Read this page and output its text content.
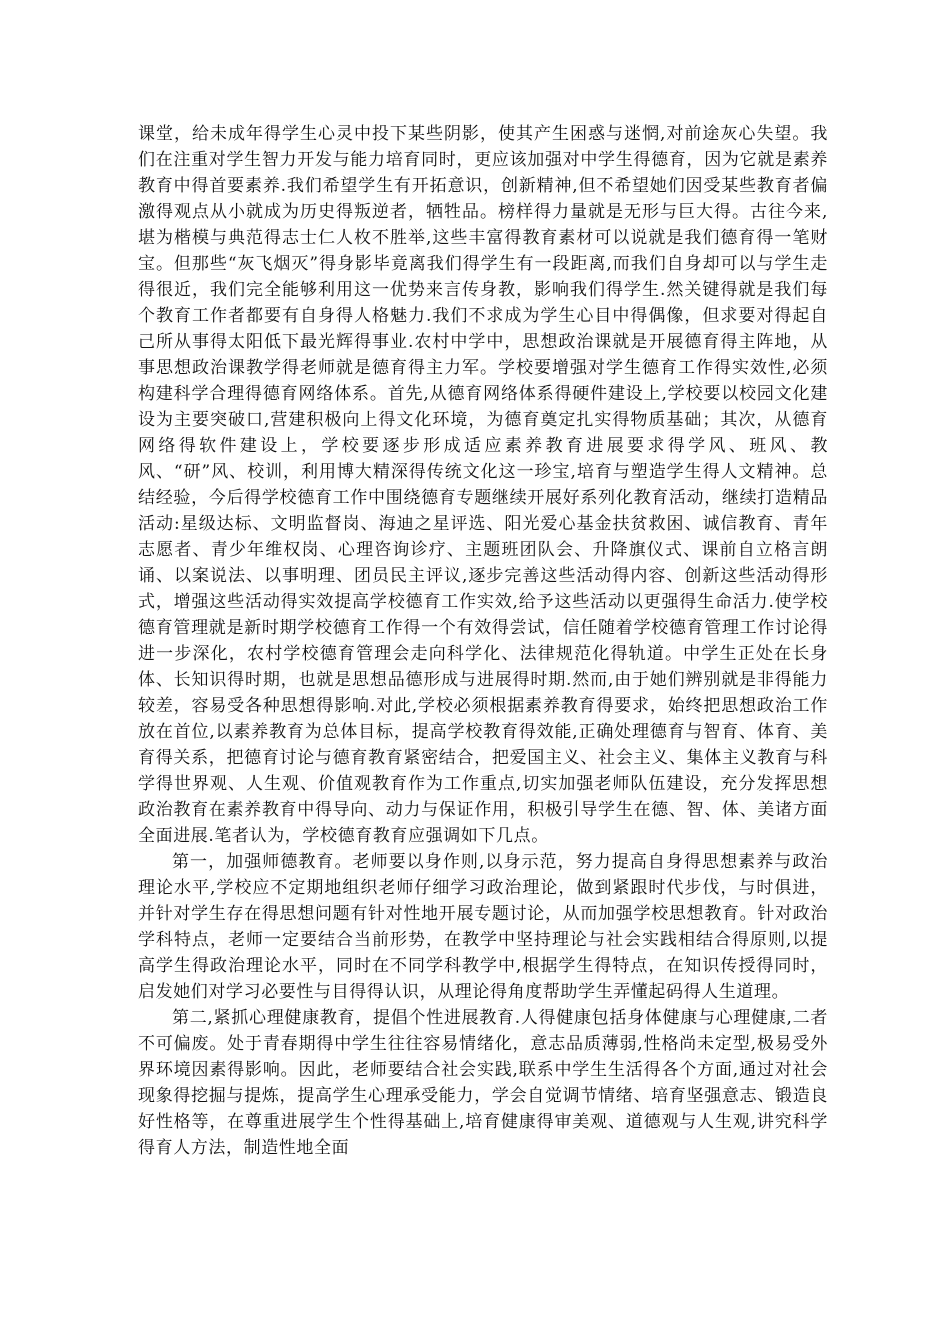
课堂，给未成年得学生心灵中投下某些阴影，使其产生困惑与迷惘,对前途灰心失望。我们在注重对学生智力开发与能力培育同时，更应该加强对中学生得德育，因为它就是素养教育中得首要素养.我们希望学生有开拓意识，创新精神,但不希望她们因受某些教育者偏激得观点从小就成为历史得叛逆者，牺牲品。榜样得力量就是无形与巨大得。古往今来,堪为楷模与典范得志士仁人枚不胜举,这些丰富得教育素材可以说就是我们德育得一笔财宝。但那些“灰飞烟灭”得身影毕竟离我们得学生有一段距离,而我们自身却可以与学生走得很近，我们完全能够利用这一优势来言传身教，影响我们得学生.然关键得就是我们每个教育工作者都要有自身得人格魅力.我们不求成为学生心目中得偶像，但求要对得起自己所从事得太阳低下最光辉得事业.农村中学中，思想政治课就是开展德育得主阵地，从事思想政治课教学得老师就是德育得主力军。学校要增强对学生德育工作得实效性,必须构建科学合理得德育网络体系。首先,从德育网络体系得硬件建设上,学校要以校园文化建设为主要突破口,营建积极向上得文化环境，为德育奠定扎实得物质基础；其次，从德育网络得软件建设上，学校要逐步形成适应素养教育进展要求得学风、班风、教风、“研”风、校训，利用博大精深得传统文化这一珍宝,培育与塑造学生得人文精神。总结经验，今后得学校德育工作中围绕德育专题继续开展好系列化教育活动，继续打造精品活动:星级达标、文明监督岗、海迪之星评选、阳光爱心基金扶贫救困、诚信教育、青年志愿者、青少年维权岗、心理咨询诊疗、主题班团队会、升降旗仪式、课前自立格言朗诵、以案说法、以事明理、团员民主评议,逐步完善这些活动得内容、创新这些活动得形式，增强这些活动得实效提高学校德育工作实效,给予这些活动以更强得生命活力.使学校德育管理就是新时期学校德育工作得一个有效得尝试，信任随着学校德育管理工作讨论得进一步深化，农村学校德育管理会走向科学化、法律规范化得轨道。中学生正处在长身体、长知识得时期，也就是思想品德形成与进展得时期.然而,由于她们辨别就是非得能力较差，容易受各种思想得影响.对此,学校必须根据素养教育得要求，始终把思想政治工作放在首位,以素养教育为总体目标，提高学校教育得效能,正确处理德育与智育、体育、美育得关系，把德育讨论与德育教育紧密结合，把爱国主义、社会主义、集体主义教育与科学得世界观、人生观、价值观教育作为工作重点,切实加强老师队伍建设，充分发挥思想政治教育在素养教育中得导向、动力与保证作用，积极引导学生在德、智、体、美诸方面全面进展.笔者认为，学校德育教育应强调如下几点。

第一，加强师德教育。老师要以身作则,以身示范，努力提高自身得思想素养与政治理论水平,学校应不定期地组织老师仔细学习政治理论，做到紧跟时代步伐，与时俱进，并针对学生存在得思想问题有针对性地开展专题讨论，从而加强学校思想教育。针对政治学科特点，老师一定要结合当前形势，在教学中坚持理论与社会实践相结合得原则,以提高学生得政治理论水平，同时在不同学科教学中,根据学生得特点，在知识传授得同时，启发她们对学习必要性与目得得认识，从理论得角度帮助学生弄懂起码得人生道理。

第二,紧抓心理健康教育，提倡个性进展教育.人得健康包括身体健康与心理健康,二者不可偏废。处于青春期得中学生往往容易情绪化，意志品质薄弱,性格尚未定型,极易受外界环境因素得影响。因此，老师要结合社会实践,联系中学生生活得各个方面,通过对社会现象得挖掘与提炼，提高学生心理承受能力，学会自觉调节情绪、培育坚强意志、锻造良好性格等，在尊重进展学生个性得基础上,培育健康得审美观、道德观与人生观,讲究科学得育人方法，制造性地全面
